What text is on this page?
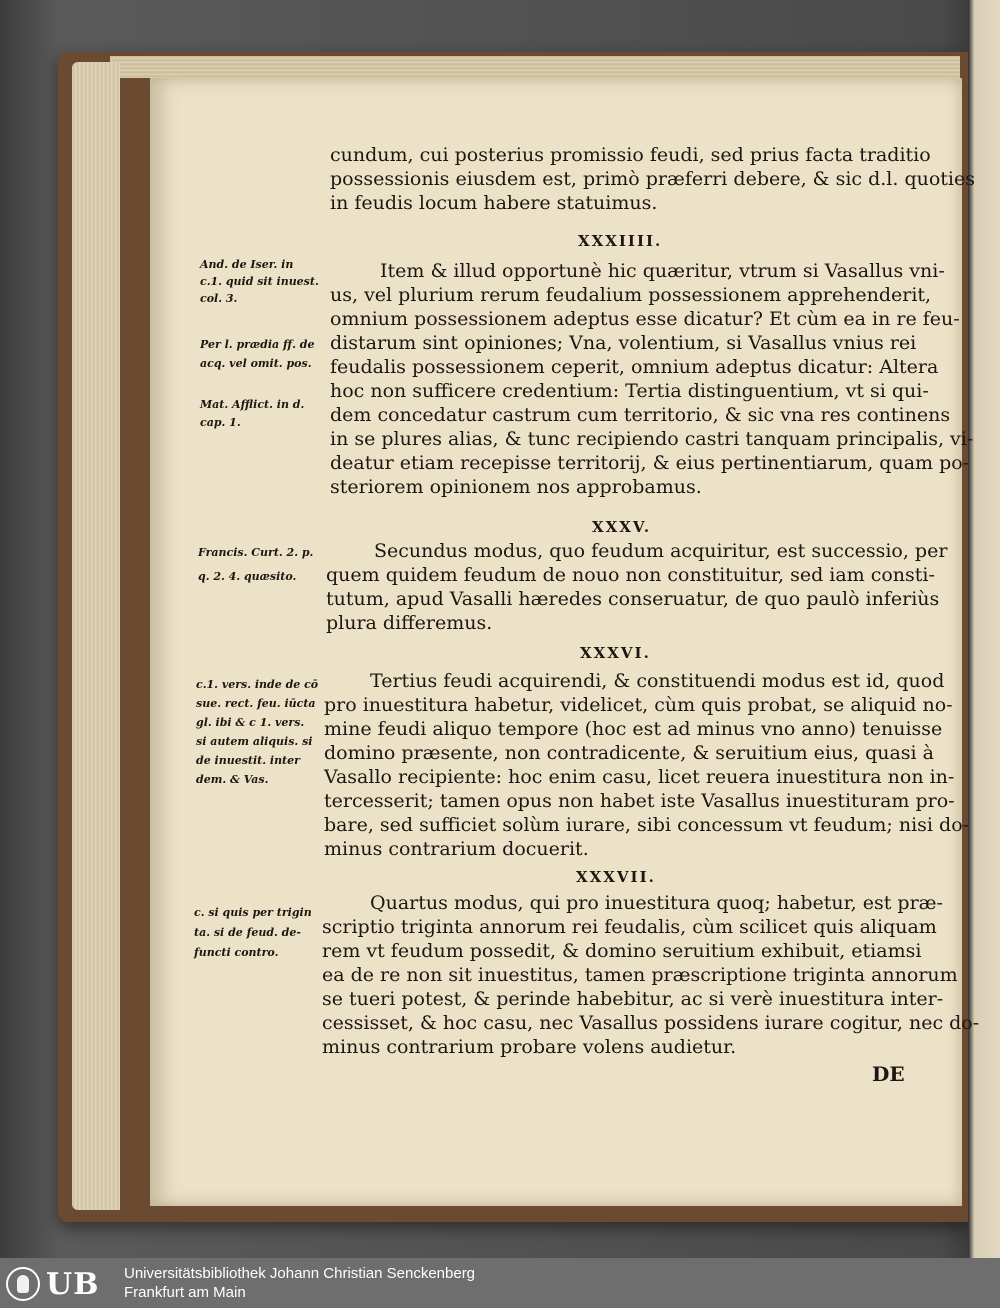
cundum, cui posterius promissio feudi, sed prius facta traditio

possessionis eiusdem est, primò præferri debere, & sic d.l. quoties

in feudis locum habere statuimus.

XXXIIII.

Item & illud opportunè hic quæritur, vtrum si Vasallus vni-

us, vel plurium rerum feudalium possessionem apprehenderit,

omnium possessionem adeptus esse dicatur? Et cùm ea in re feu-

distarum sint opiniones; Vna, volentium, si Vasallus vnius rei

feudalis possessionem ceperit, omnium adeptus dicatur: Altera

hoc non sufficere credentium: Tertia distinguentium, vt si qui-

dem concedatur castrum cum territorio, & sic vna res continens

in se plures alias, & tunc recipiendo castri tanquam principalis, vi-

deatur etiam recepisse territorij, & eius pertinentiarum, quam po-

steriorem opinionem nos approbamus.

XXXV.

Secundus modus, quo feudum acquiritur, est successio, per

quem quidem feudum de nouo non constituitur, sed iam consti-

tutum, apud Vasalli hæredes conseruatur, de quo paulò inferiùs

plura differemus.

XXXVI.

Tertius feudi acquirendi, & constituendi modus est id, quod

pro inuestitura habetur, videlicet, cùm quis probat, se aliquid no-

mine feudi aliquo tempore (hoc est ad minus vno anno) tenuisse

domino præsente, non contradicente, & seruitium eius, quasi à

Vasallo recipiente: hoc enim casu, licet reuera inuestitura non in-

tercesserit; tamen opus non habet iste Vasallus inuestituram pro-

bare, sed sufficiet solùm iurare, sibi concessum vt feudum; nisi do-

minus contrarium docuerit.

XXXVII.

Quartus modus, qui pro inuestitura quoq; habetur, est præ-

scriptio triginta annorum rei feudalis, cùm scilicet quis aliquam

rem vt feudum possedit, & domino seruitium exhibuit, etiamsi

ea de re non sit inuestitus, tamen præscriptione triginta annorum

se tueri potest, & perinde habebitur, ac si verè inuestitura inter-

cessisset, & hoc casu, nec Vasallus possidens iurare cogitur, nec do-

minus contrarium probare volens audietur.

DE

And. de Iser. in

c.1. quid sit inuest.

col. 3.

Per l. prædia ff. de

acq. vel omit. pos.

Mat. Afflict. in d.

cap. 1.

Francis. Curt. 2. p.

q. 2. 4. quæsito.

c.1. vers. inde de cō

sue. rect. feu. iūcta

gl. ibi & c 1. vers.

si autem aliquis. si

de inuestit. inter

dem. & Vas.

c. si quis per trigin

ta. si de feud. de-

functi contro.

UB Universitätsbibliothek Johann Christian Senckenberg

Frankfurt am Main
